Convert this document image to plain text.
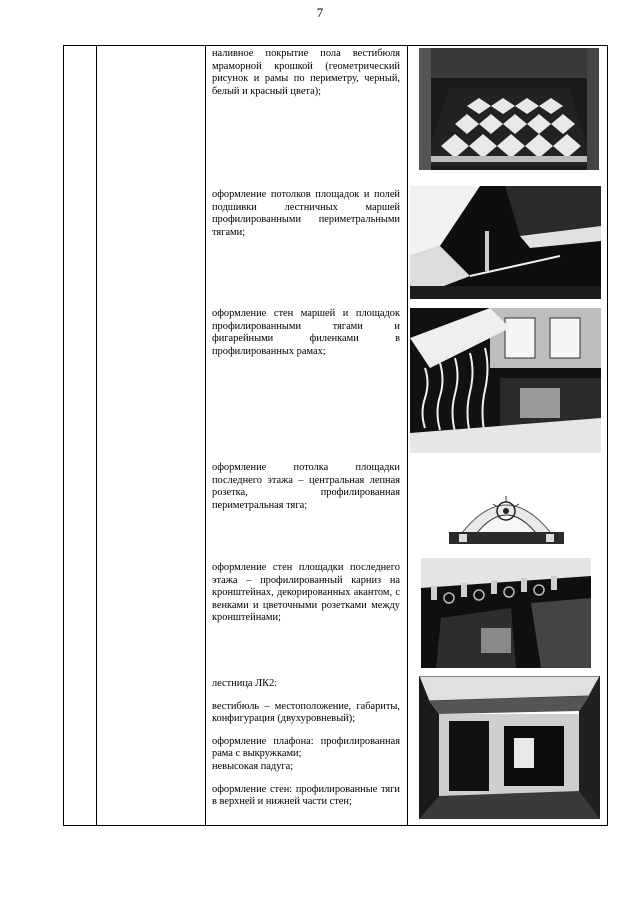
7
наливное покрытие пола вестибюля мраморной крошкой (геометрический рисунок и рамы по периметру, черный, белый и красный цвета);
оформление потолков площадок и полей подшивки лестничных маршей профилированными периметральными тягами;
оформление стен маршей и площадок профилированными тягами и фигарейными филенками в профилированных рамах;
оформление потолка площадки последнего этажа – центральная лепная розетка, профилированная периметральная тяга;
оформление стен площадки последнего этажа – профилированный карниз на кронштейнах, декорированных акантом, с венками и цветочными розетками между кронштейнами;

лестница ЛК2:

вестибюль – местоположение, габариты, конфигурация (двухуровневый);

оформление плафона: профилированная рама с выкружками;

невысокая падуга;

оформление стен: профилированные тяги в верхней и нижней части стен;
